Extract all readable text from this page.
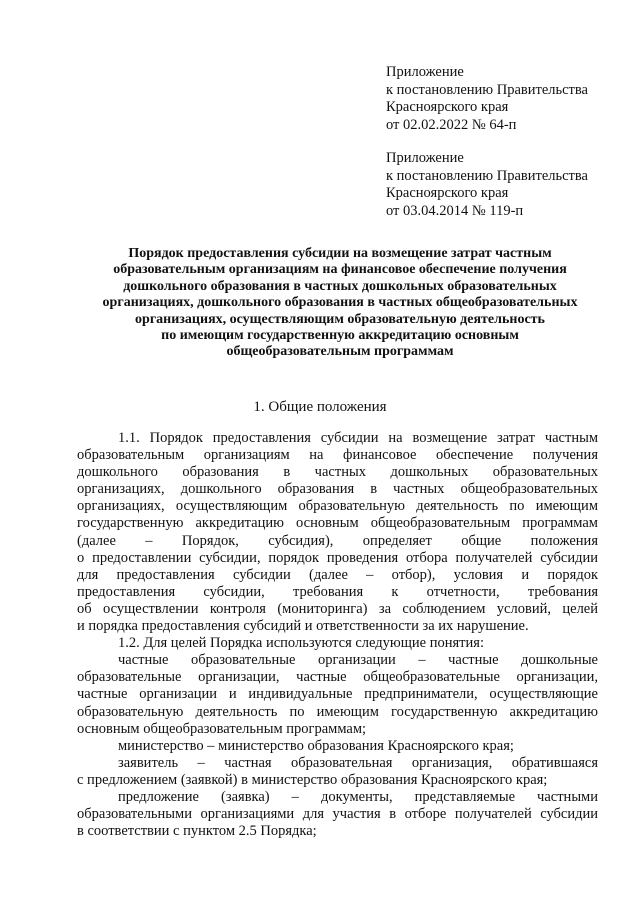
Приложение
к постановлению Правительства
Красноярского края
от 02.02.2022 № 64-п
Приложение
к постановлению Правительства
Красноярского края
от 03.04.2014 № 119-п
Порядок предоставления субсидии на возмещение затрат частным
образовательным организациям на финансовое обеспечение получения
дошкольного образования в частных дошкольных образовательных
организациях, дошкольного образования в частных общеобразовательных
организациях, осуществляющим образовательную деятельность
по имеющим государственную аккредитацию основным
общеобразовательным программам
1. Общие положения
1.1. Порядок предоставления субсидии на возмещение затрат частным
образовательным организациям на финансовое обеспечение получения
дошкольного образования в частных дошкольных образовательных
организациях, дошкольного образования в частных общеобразовательных
организациях, осуществляющим образовательную деятельность по имеющим
государственную аккредитацию основным общеобразовательным программам
(далее – Порядок, субсидия), определяет общие положения
о предоставлении субсидии, порядок проведения отбора получателей субсидии
для предоставления субсидии (далее – отбор), условия и порядок
предоставления субсидии, требования к отчетности, требования
об осуществлении контроля (мониторинга) за соблюдением условий, целей
и порядка предоставления субсидий и ответственности за их нарушение.
1.2. Для целей Порядка используются следующие понятия:
частные образовательные организации – частные дошкольные
образовательные организации, частные общеобразовательные организации,
частные организации и индивидуальные предприниматели, осуществляющие
образовательную деятельность по имеющим государственную аккредитацию
основным общеобразовательным программам;
министерство – министерство образования Красноярского края;
заявитель – частная образовательная организация, обратившаяся
с предложением (заявкой) в министерство образования Красноярского края;
предложение (заявка) – документы, представляемые частными
образовательными организациями для участия в отборе получателей субсидии
в соответствии с пунктом 2.5 Порядка;
